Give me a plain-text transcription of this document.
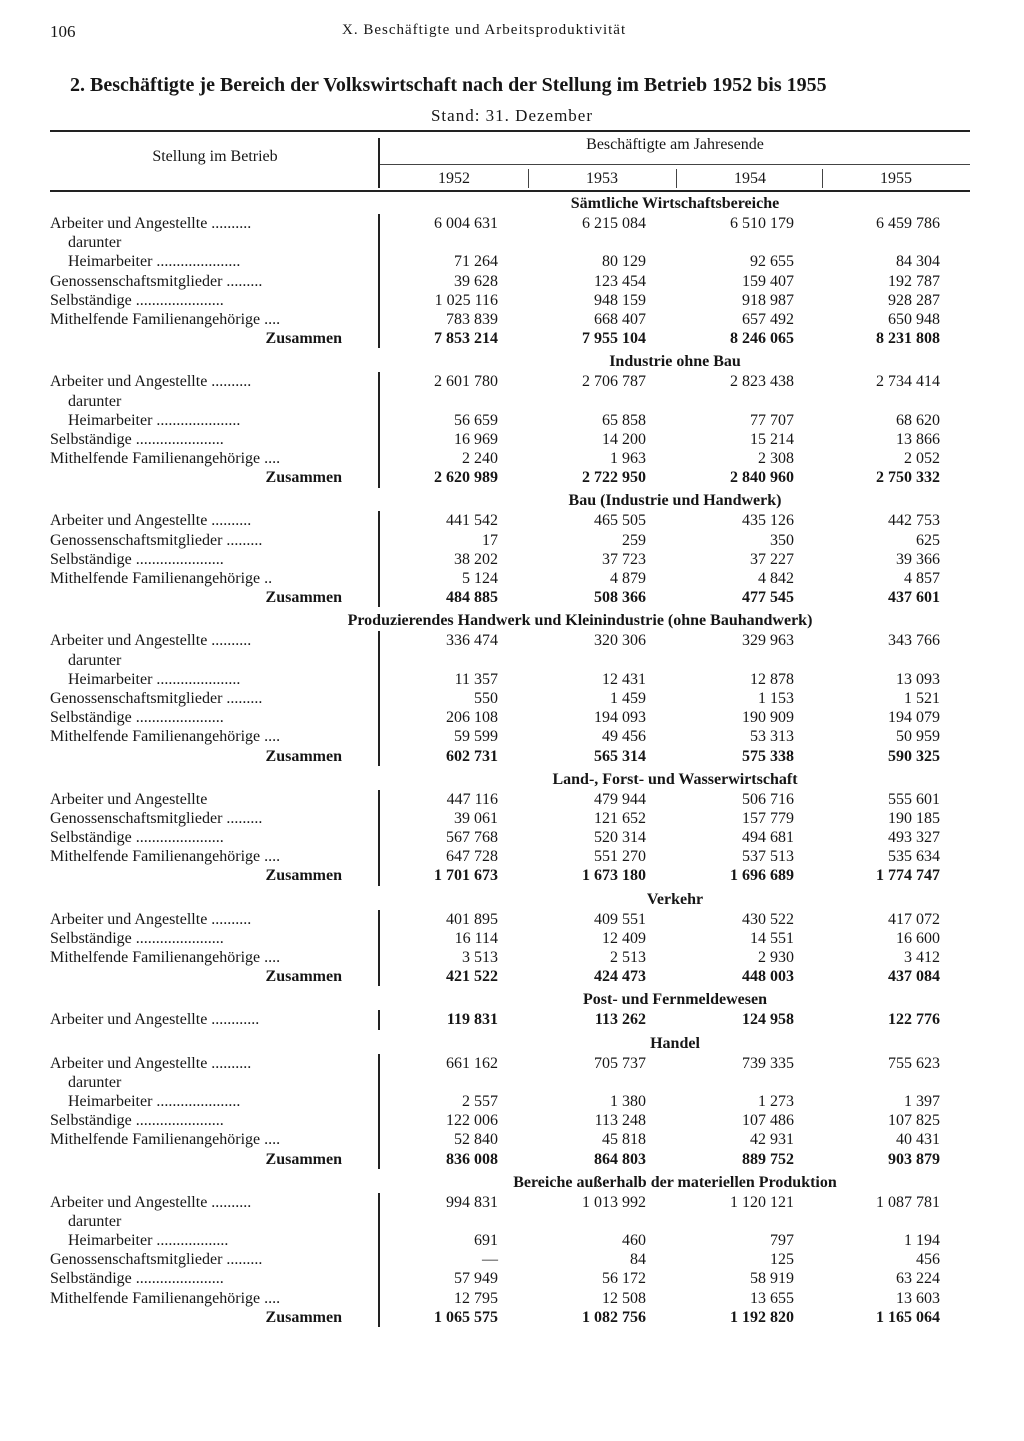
106	X. Beschäftigte und Arbeitsproduktivität
2. Beschäftigte je Bereich der Volkswirtschaft nach der Stellung im Betrieb 1952 bis 1955
Stand: 31. Dezember
Stellung im Betrieb
Beschäftigte am Jahresende
1952	1953	1954	1955
Sämtliche Wirtschaftsbereiche
Arbeiter und Angestellte ..........	6 004 631	6 215 084	6 510 179	6 459 786
darunter
Heimarbeiter .....................	71 264	80 129	92 655	84 304
Genossenschaftsmitglieder .........	39 628	123 454	159 407	192 787
Selbständige ......................	1 025 116	948 159	918 987	928 287
Mithelfende Familienangehörige ....	783 839	668 407	657 492	650 948
Zusammen	7 853 214	7 955 104	8 246 065	8 231 808
Industrie ohne Bau
Arbeiter und Angestellte ..........	2 601 780	2 706 787	2 823 438	2 734 414
darunter
Heimarbeiter .....................	56 659	65 858	77 707	68 620
Selbständige ......................	16 969	14 200	15 214	13 866
Mithelfende Familienangehörige ....	2 240	1 963	2 308	2 052
Zusammen	2 620 989	2 722 950	2 840 960	2 750 332
Bau (Industrie und Handwerk)
Arbeiter und Angestellte ..........	441 542	465 505	435 126	442 753
Genossenschaftsmitglieder .........	17	259	350	625
Selbständige ......................	38 202	37 723	37 227	39 366
Mithelfende Familienangehörige ..	5 124	4 879	4 842	4 857
Zusammen	484 885	508 366	477 545	437 601
Produzierendes Handwerk und Kleinindustrie (ohne Bauhandwerk)
Arbeiter und Angestellte ..........	336 474	320 306	329 963	343 766
darunter
Heimarbeiter .....................	11 357	12 431	12 878	13 093
Genossenschaftsmitglieder .........	550	1 459	1 153	1 521
Selbständige ......................	206 108	194 093	190 909	194 079
Mithelfende Familienangehörige ....	59 599	49 456	53 313	50 959
Zusammen	602 731	565 314	575 338	590 325
Land-, Forst- und Wasserwirtschaft
Arbeiter und Angestellte	447 116	479 944	506 716	555 601
Genossenschaftsmitglieder .........	39 061	121 652	157 779	190 185
Selbständige ......................	567 768	520 314	494 681	493 327
Mithelfende Familienangehörige ....	647 728	551 270	537 513	535 634
Zusammen	1 701 673	1 673 180	1 696 689	1 774 747
Verkehr
Arbeiter und Angestellte ..........	401 895	409 551	430 522	417 072
Selbständige ......................	16 114	12 409	14 551	16 600
Mithelfende Familienangehörige ....	3 513	2 513	2 930	3 412
Zusammen	421 522	424 473	448 003	437 084
Post- und Fernmeldewesen
Arbeiter und Angestellte ............	119 831	113 262	124 958	122 776
Handel
Arbeiter und Angestellte ..........	661 162	705 737	739 335	755 623
darunter
Heimarbeiter .....................	2 557	1 380	1 273	1 397
Selbständige ......................	122 006	113 248	107 486	107 825
Mithelfende Familienangehörige ....	52 840	45 818	42 931	40 431
Zusammen	836 008	864 803	889 752	903 879
Bereiche außerhalb der materiellen Produktion
Arbeiter und Angestellte ..........	994 831	1 013 992	1 120 121	1 087 781
darunter
Heimarbeiter ..................	691	460	797	1 194
Genossenschaftsmitglieder .........	—	84	125	456
Selbständige ......................	57 949	56 172	58 919	63 224
Mithelfende Familienangehörige ....	12 795	12 508	13 655	13 603
Zusammen	1 065 575	1 082 756	1 192 820	1 165 064
